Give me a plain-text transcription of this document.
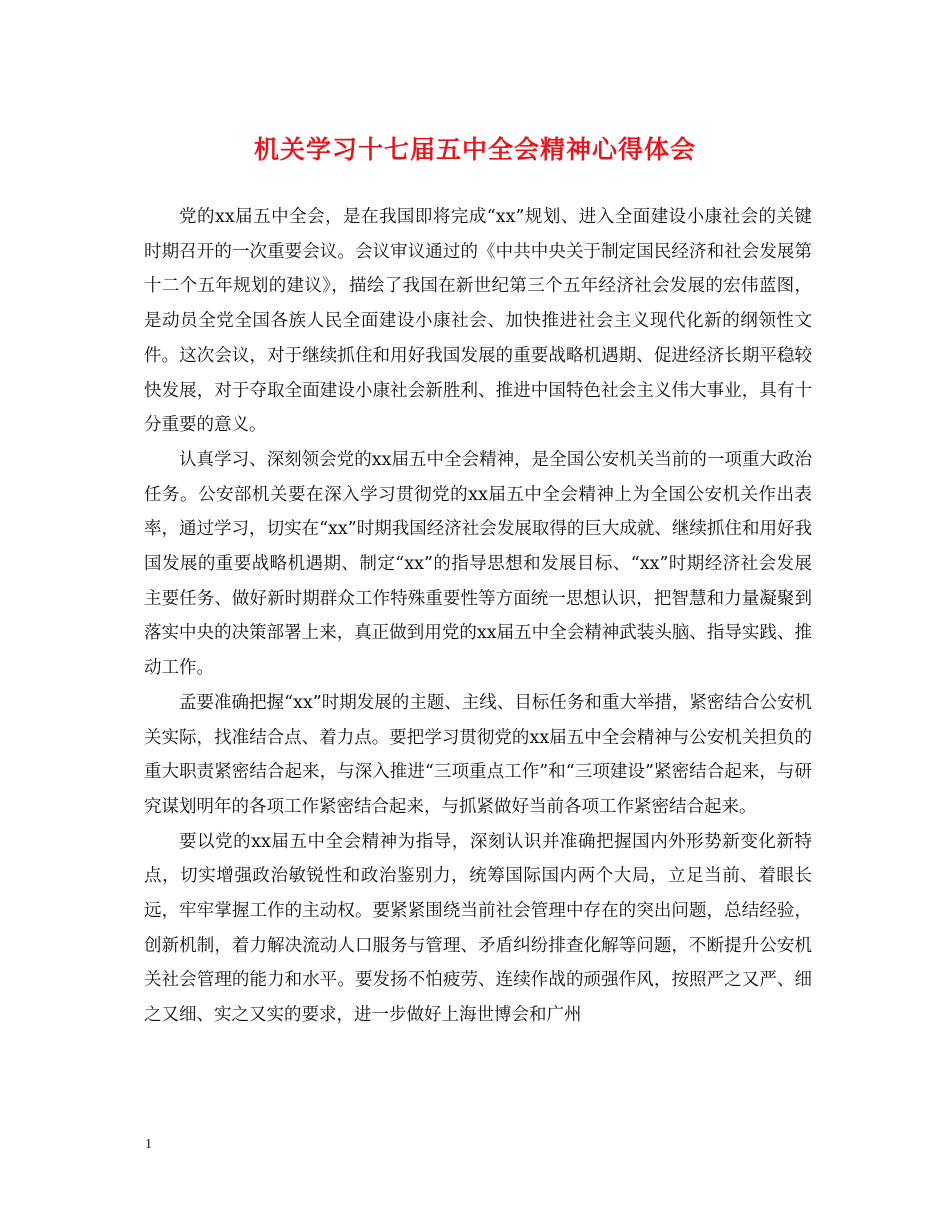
机关学习十七届五中全会精神心得体会

党的xx届五中全会，是在我国即将完成“xx”规划、进入全面建设小康社会的关键时期召开的一次重要会议。会议审议通过的《中共中央关于制定国民经济和社会发展第十二个五年规划的建议》，描绘了我国在新世纪第三个五年经济社会发展的宏伟蓝图，是动员全党全国各族人民全面建设小康社会、加快推进社会主义现代化新的纲领性文件。这次会议，对于继续抓住和用好我国发展的重要战略机遇期、促进经济长期平稳较快发展，对于夺取全面建设小康社会新胜利、推进中国特色社会主义伟大事业，具有十分重要的意义。

认真学习、深刻领会党的xx届五中全会精神，是全国公安机关当前的一项重大政治任务。公安部机关要在深入学习贯彻党的xx届五中全会精神上为全国公安机关作出表率，通过学习，切实在“xx”时期我国经济社会发展取得的巨大成就、继续抓住和用好我国发展的重要战略机遇期、制定“xx”的指导思想和发展目标、“xx”时期经济社会发展主要任务、做好新时期群众工作特殊重要性等方面统一思想认识，把智慧和力量凝聚到落实中央的决策部署上来，真正做到用党的xx届五中全会精神武装头脑、指导实践、推动工作。

孟要准确把握“xx”时期发展的主题、主线、目标任务和重大举措，紧密结合公安机关实际，找准结合点、着力点。要把学习贯彻党的xx届五中全会精神与公安机关担负的重大职责紧密结合起来，与深入推进“三项重点工作”和“三项建设”紧密结合起来，与研究谋划明年的各项工作紧密结合起来，与抓紧做好当前各项工作紧密结合起来。

要以党的xx届五中全会精神为指导，深刻认识并准确把握国内外形势新变化新特点，切实增强政治敏锐性和政治鉴别力，统筹国际国内两个大局，立足当前、着眼长远，牢牢掌握工作的主动权。要紧紧围绕当前社会管理中存在的突出问题，总结经验，创新机制，着力解决流动人口服务与管理、矛盾纠纷排查化解等问题，不断提升公安机关社会管理的能力和水平。要发扬不怕疲劳、连续作战的顽强作风，按照严之又严、细之又细、实之又实的要求，进一步做好上海世博会和广州

1
